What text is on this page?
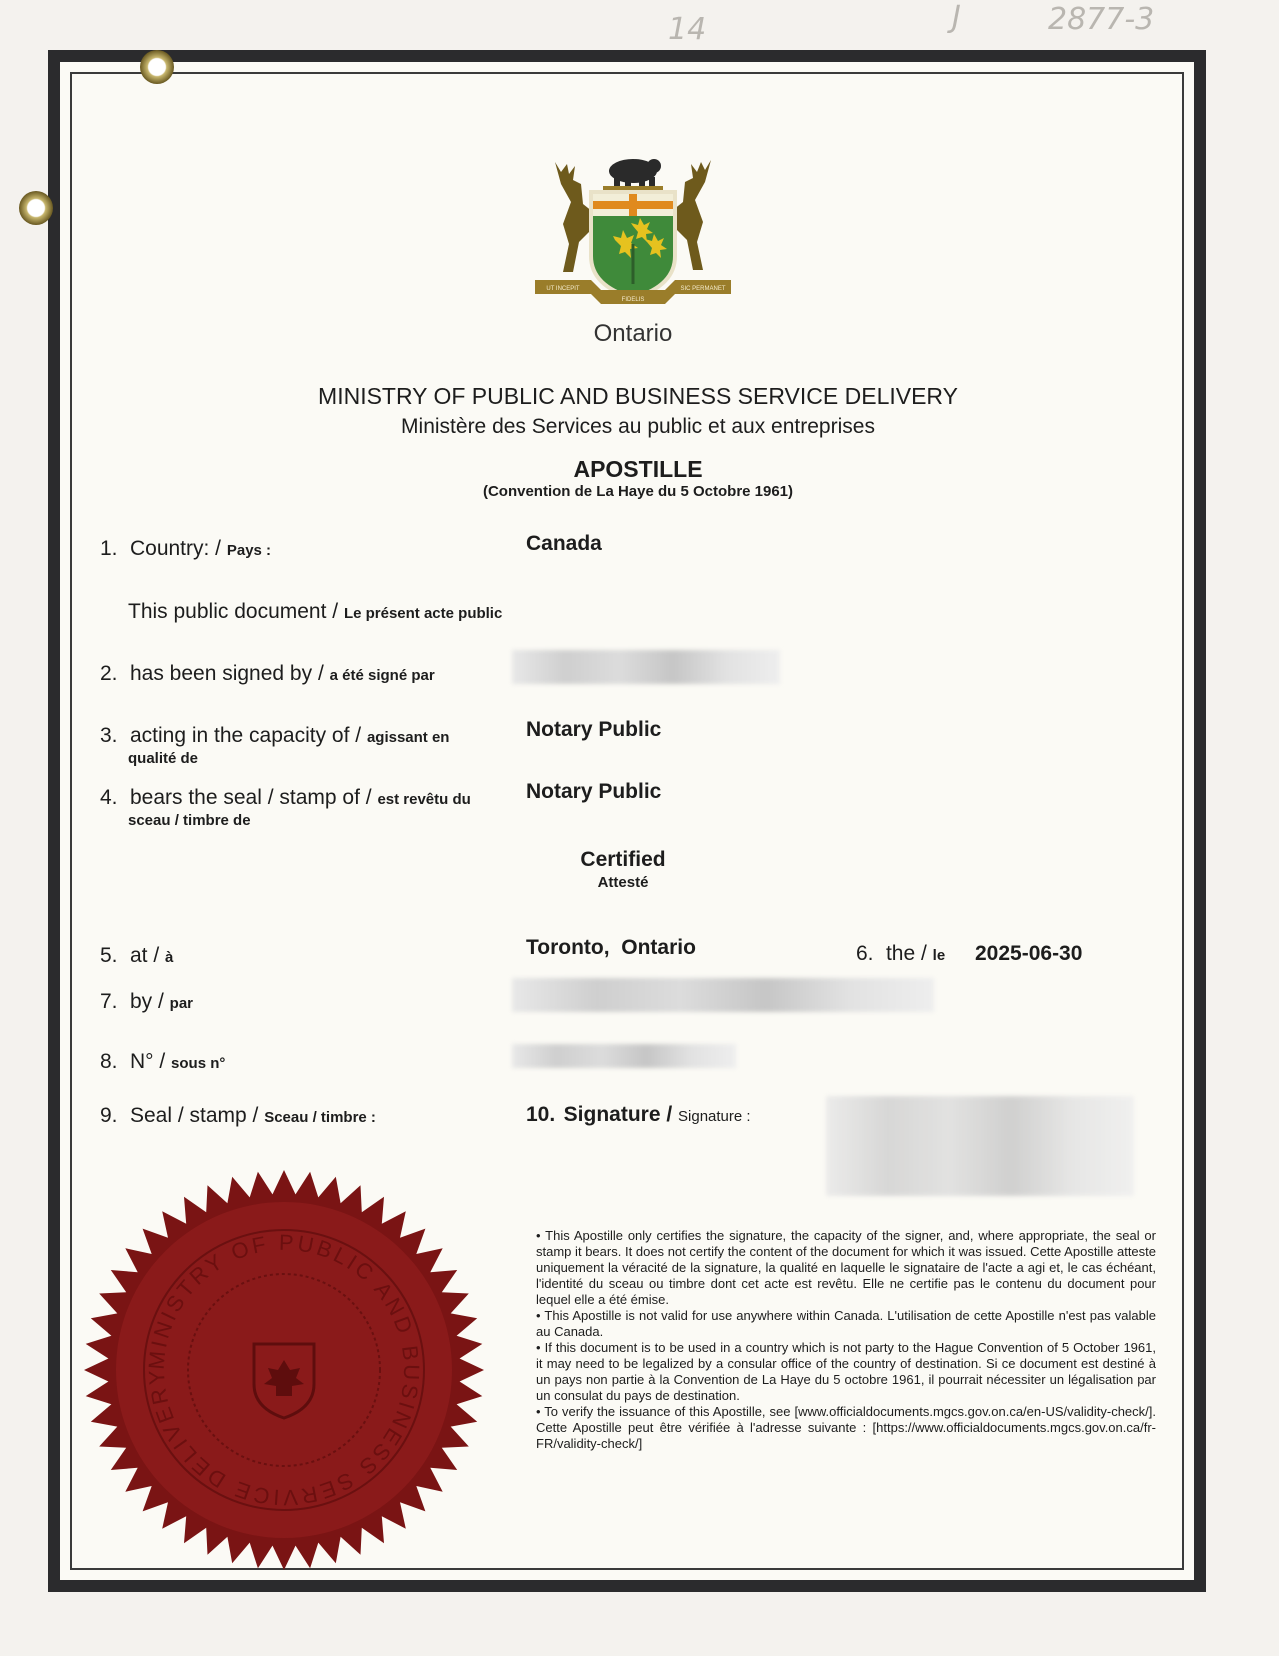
14	J	2877-3
UT INCEPIT
FIDELIS
SIC PERMANET
Ontario
MINISTRY OF PUBLIC AND BUSINESS SERVICE DELIVERY
Ministère des Services au public et aux entreprises
APOSTILLE
(Convention de La Haye du 5 Octobre 1961)
1. Country: / Pays :	Canada
This public document / Le présent acte public
2. has been signed by / a été signé par
3. acting in the capacity of / agissant en
qualité de
Notary Public
4. bears the seal / stamp of / est revêtu du
sceau / timbre de
Notary Public
Certified
Attesté
5. at / à	Toronto,  Ontario	6. the / le 2025-06-30
7. by / par
8. N° / sous n°
9. Seal / stamp / Sceau / timbre :	10. Signature / Signature :
MINISTRY OF PUBLIC AND BUSINESS SERVICE DELIVERY

• This Apostille only certifies the signature, the capacity of the signer, and, where appropriate, the seal or stamp it bears. It does not certify the content of the document for which it was issued. Cette Apostille atteste uniquement la véracité de la signature, la qualité en laquelle le signataire de l'acte a agi et, le cas échéant, l'identité du sceau ou timbre dont cet acte est revêtu. Elle ne certifie pas le contenu du document pour lequel elle a été émise.

• This Apostille is not valid for use anywhere within Canada. L'utilisation de cette Apostille n'est pas valable au Canada.

• If this document is to be used in a country which is not party to the Hague Convention of 5 October 1961, it may need to be legalized by a consular office of the country of destination. Si ce document est destiné à un pays non partie à la Convention de La Haye du 5 octobre 1961, il pourrait nécessiter un légalisation par un consulat du pays de destination.

• To verify the issuance of this Apostille, see [www.officialdocuments.mgcs.gov.on.ca/en-US/validity-check/]. Cette Apostille peut être vérifiée à l'adresse suivante : [https://www.officialdocuments.mgcs.gov.on.ca/fr-FR/validity-check/]
